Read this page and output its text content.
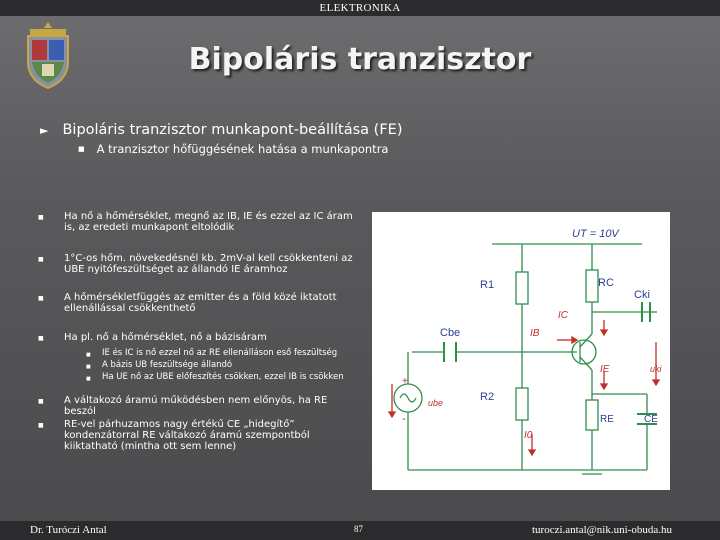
ELEKTRONIKA
Bipoláris tranzisztor
► Bipoláris tranzisztor munkapont-beállítása (FE)
■ A tranzisztor hőfüggésének hatása a munkapontra
■ Ha nő a hőmérséklet, megnő az IB, IE és ezzel az IC áram is, az eredeti munkapont eltolódik
■ 1°C-os hőm. növekedésnél kb. 2mV-al kell csökkenteni az UBE nyitófeszültséget az állandó IE áramhoz
■ A hőmérsékletfüggés az emitter és a föld közé iktatott ellenállással csökkenthető
■ Ha pl. nő a hőmérséklet, nő a bázisáram
■ IE és IC is nő ezzel nő az RE ellenálláson eső feszültség
■ A bázis UB feszültsége állandó
■ Ha UE nő az UBE előfeszítés csökken, ezzel IB is csökken
■ A váltakozó áramú működésben nem előnyös, ha RE beszól
■ RE-vel párhuzamos nagy értékű CE „hidegítő” kondenzátorral RE váltakozó áramú szempontból kiiktatható (mintha ott sem lenne)
UT = 10V
R1	RC
R2
RE	CE
Cbe
Cki
IB
IC
IE
I0
ube
uki
+
-
Dr. Turóczi Antal	87	turoczi.antal@nik.uni-obuda.hu
